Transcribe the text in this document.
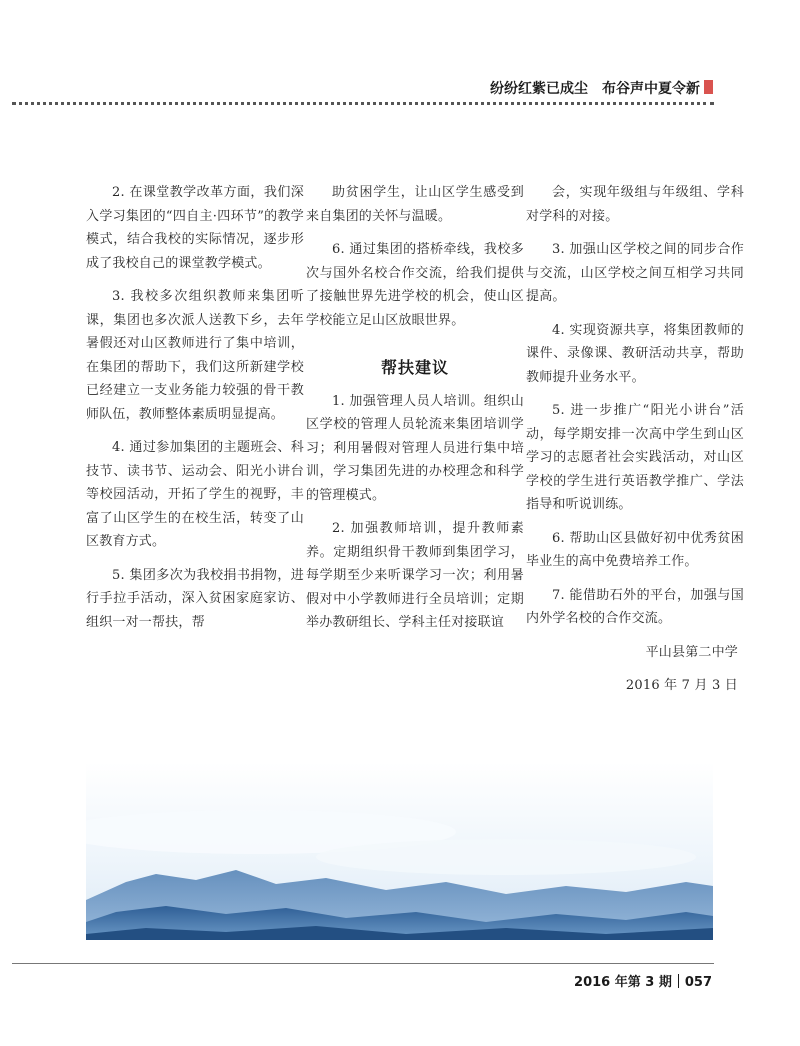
纷纷红紫已成尘 布谷声中夏令新

2. 在课堂教学改革方面，我们深入学习集团的“四自主·四环节”的教学模式，结合我校的实际情况，逐步形成了我校自己的课堂教学模式。

3. 我校多次组织教师来集团听课，集团也多次派人送教下乡，去年暑假还对山区教师进行了集中培训，在集团的帮助下，我们这所新建学校已经建立一支业务能力较强的骨干教师队伍，教师整体素质明显提高。

4. 通过参加集团的主题班会、科技节、读书节、运动会、阳光小讲台等校园活动，开拓了学生的视野，丰富了山区学生的在校生活，转变了山区教育方式。

5. 集团多次为我校捐书捐物，进行手拉手活动，深入贫困家庭家访、组织一对一帮扶，帮

助贫困学生，让山区学生感受到来自集团的关怀与温暖。

6. 通过集团的搭桥牵线，我校多次与国外名校合作交流，给我们提供了接触世界先进学校的机会，使山区学校能立足山区放眼世界。

帮扶建议

1. 加强管理人员人培训。组织山区学校的管理人员轮流来集团培训学习；利用暑假对管理人员进行集中培训，学习集团先进的办校理念和科学的管理模式。

2. 加强教师培训，提升教师素养。定期组织骨干教师到集团学习，每学期至少来听课学习一次；利用暑假对中小学教师进行全员培训；定期举办教研组长、学科主任对接联谊

会，实现年级组与年级组、学科对学科的对接。

3. 加强山区学校之间的同步合作与交流，山区学校之间互相学习共同提高。

4. 实现资源共享，将集团教师的课件、录像课、教研活动共享，帮助教师提升业务水平。

5. 进一步推广“阳光小讲台”活动，每学期安排一次高中学生到山区学习的志愿者社会实践活动，对山区学校的学生进行英语教学推广、学法指导和听说训练。

6. 帮助山区县做好初中优秀贫困毕业生的高中免费培养工作。

7. 能借助石外的平台，加强与国内外学名校的合作交流。

平山县第二中学

2016 年 7 月 3 日

2016 年第 3 期 057
